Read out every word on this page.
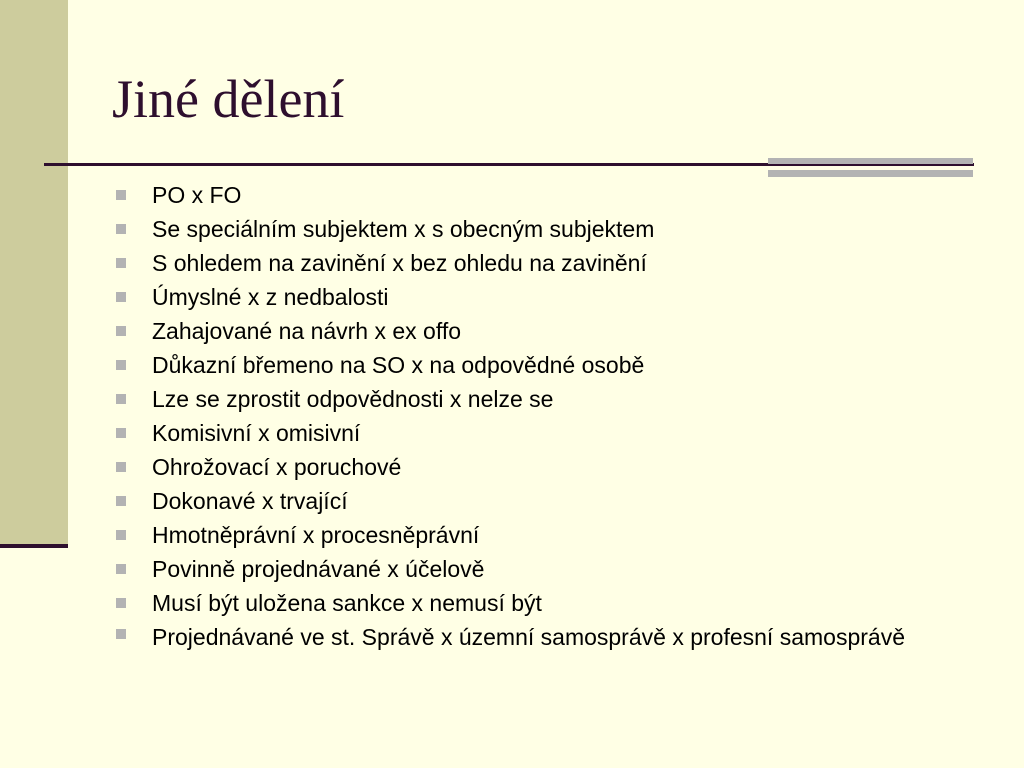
Jiné dělení
PO x FO
Se speciálním subjektem x s obecným subjektem
S ohledem na zavinění x bez ohledu na zavinění
Úmyslné x z nedbalosti
Zahajované na návrh x ex offo
Důkazní břemeno na SO x na odpovědné osobě
Lze se zprostit odpovědnosti x nelze se
Komisivní x omisivní
Ohrožovací x poruchové
Dokonavé x trvající
Hmotněprávní x procesněprávní
Povinně projednávané x účelově
Musí být uložena sankce x nemusí být
Projednávané ve st. Správě x územní samosprávě x profesní samosprávě
